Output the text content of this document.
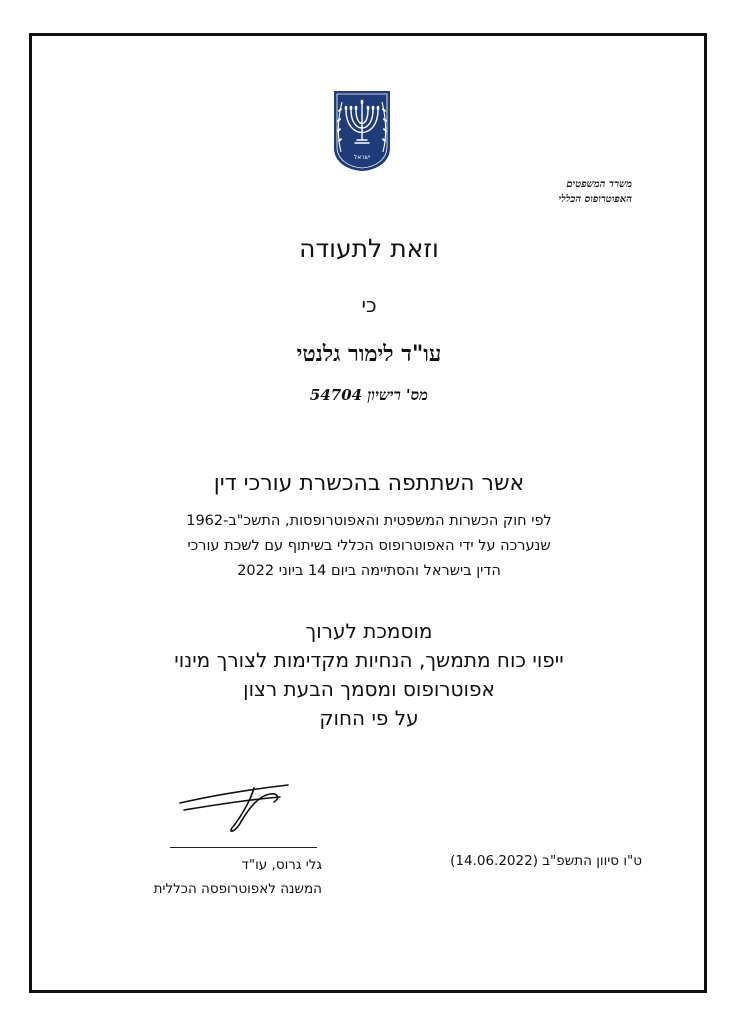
ישראל
משרד המשפטים
האפוטרופוס הכללי
וזאת לתעודה
כי
עו"ד לימור גלנטי
מס' רישיון 54704
אשר השתתפה בהכשרת עורכי דין
לפי חוק הכשרות המשפטית והאפוטרופסות, התשכ"ב-1962
שנערכה על ידי האפוטרופוס הכללי בשיתוף עם לשכת עורכי
הדין בישראל והסתיימה ביום 14 ביוני 2022
מוסמכת לערוך
ייפוי כוח מתמשך, הנחיות מקדימות לצורך מינוי
אפוטרופוס ומסמך הבעת רצון
על פי החוק
גלי גרוס, עו"ד
המשנה לאפוטרופסה הכללית
ט"ו סיוון התשפ"ב (14.06.2022)
